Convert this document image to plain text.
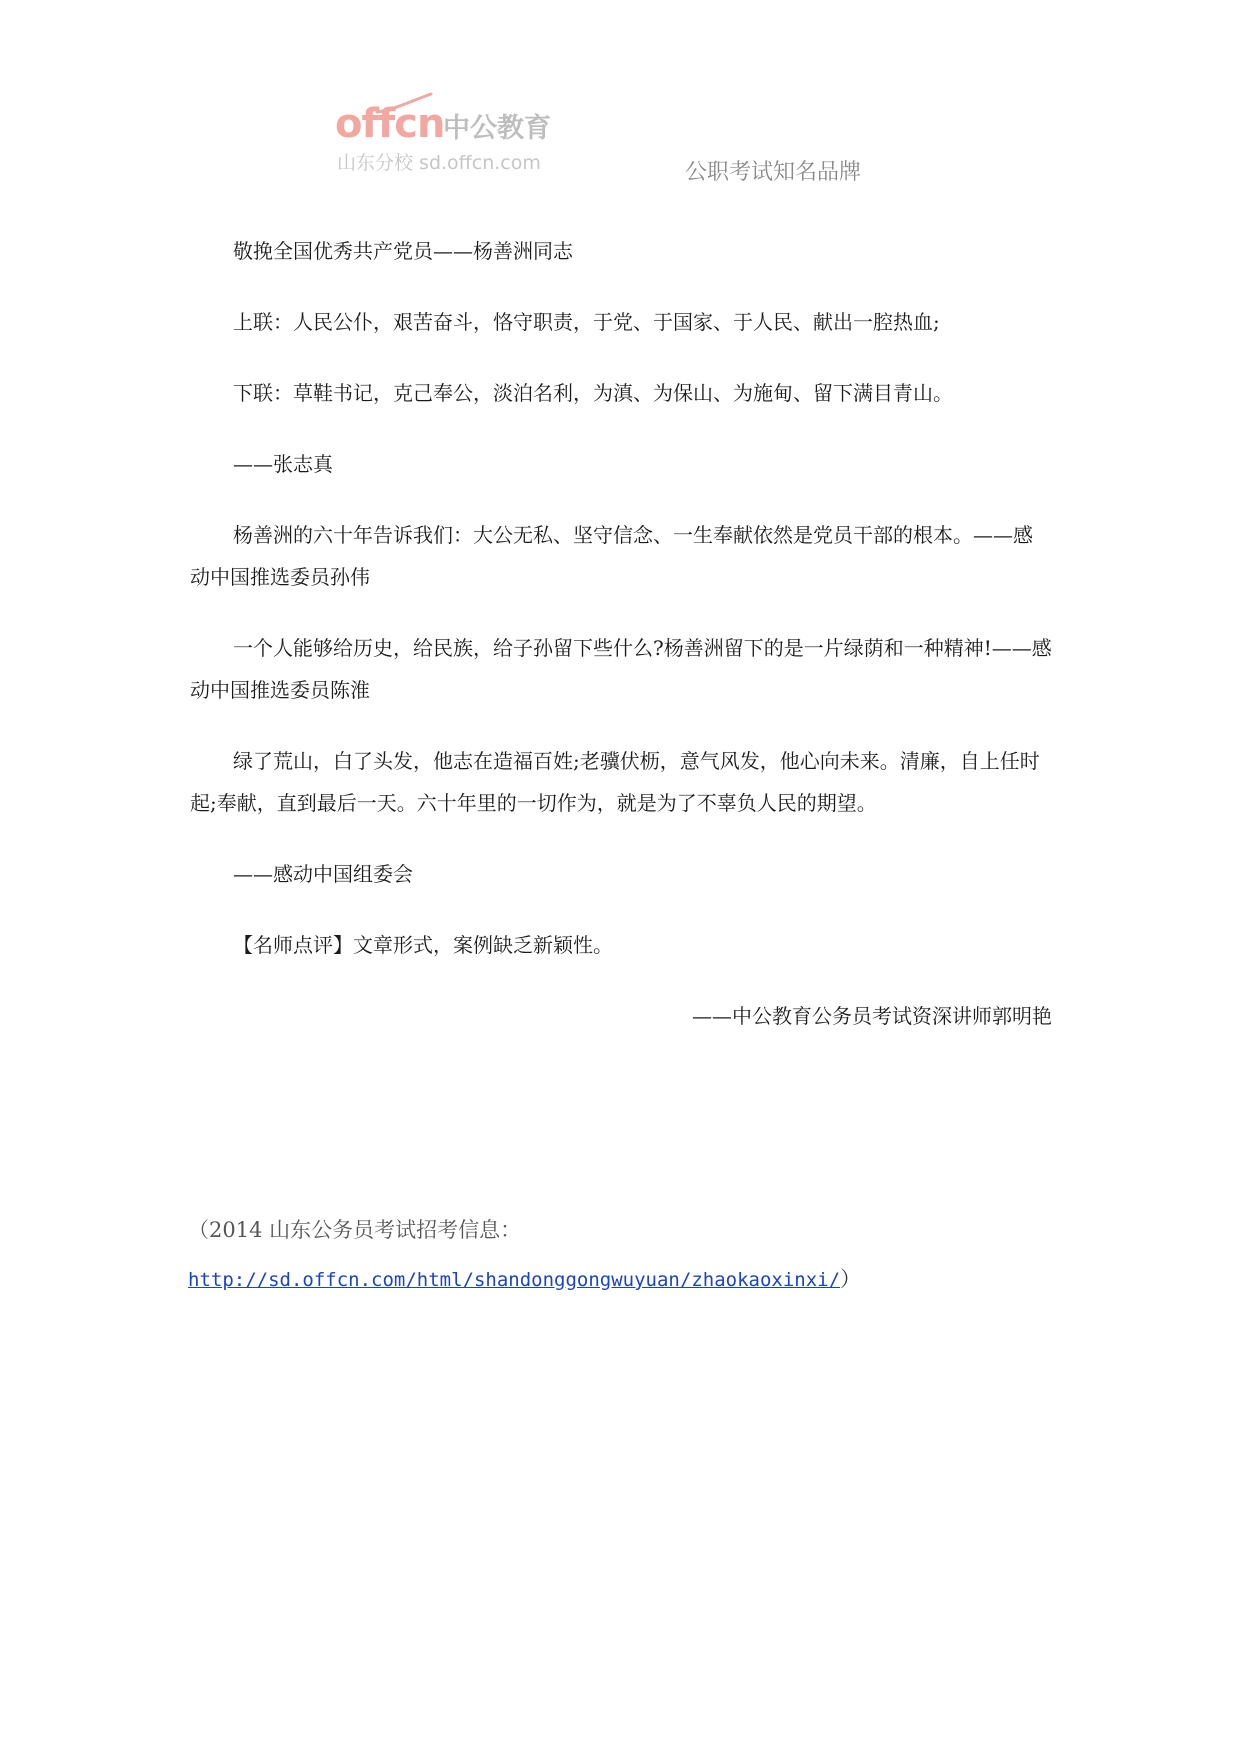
offcn
中公教育
山东分校 sd.offcn.com	公职考试知名品牌

敬挽全国优秀共产党员——杨善洲同志

上联：人民公仆，艰苦奋斗，恪守职责，于党、于国家、于人民、献出一腔热血;

下联：草鞋书记，克己奉公，淡泊名利，为滇、为保山、为施甸、留下满目青山。

——张志真

杨善洲的六十年告诉我们：大公无私、坚守信念、一生奉献依然是党员干部的根本。——感动中国推选委员孙伟

一个人能够给历史，给民族，给子孙留下些什么?杨善洲留下的是一片绿荫和一种精神!——感动中国推选委员陈淮

绿了荒山，白了头发，他志在造福百姓;老骥伏枥，意气风发，他心向未来。清廉，自上任时起;奉献，直到最后一天。六十年里的一切作为，就是为了不辜负人民的期望。

——感动中国组委会

【名师点评】文章形式，案例缺乏新颖性。

——中公教育公务员考试资深讲师郭明艳

（2014 山东公务员考试招考信息：

http://sd.offcn.com/html/shandonggongwuyuan/zhaokaoxinxi/）
